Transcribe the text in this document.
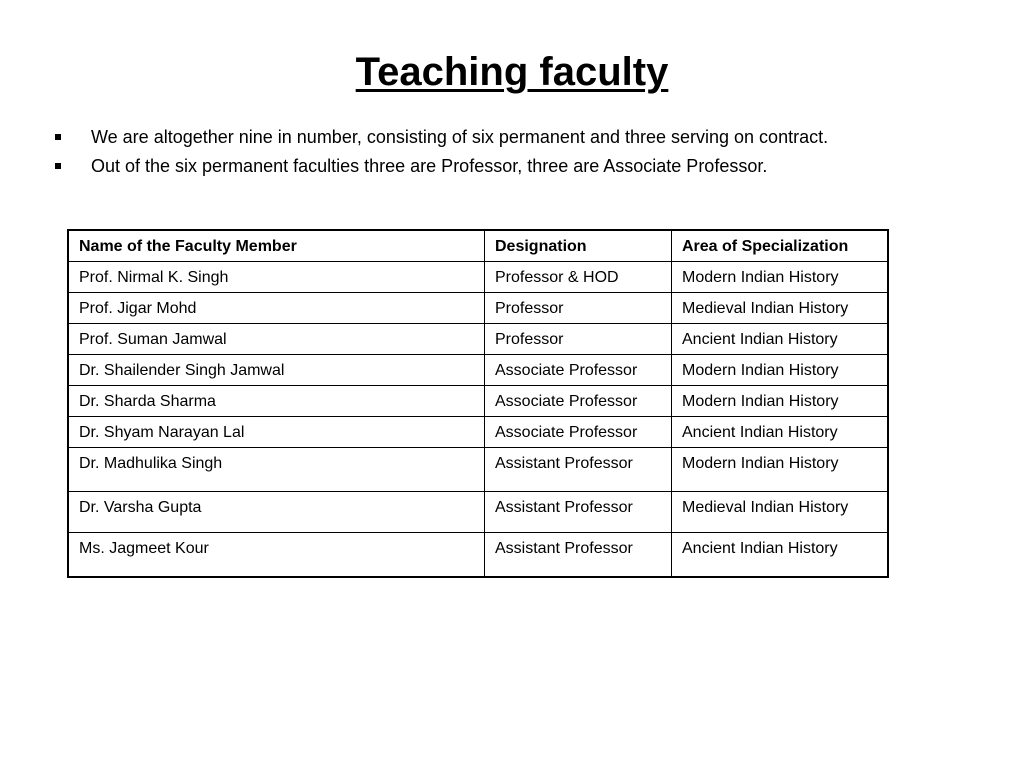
Teaching faculty
We are altogether nine in number, consisting of six permanent and three serving on contract.
Out of the six permanent faculties three are Professor, three are Associate Professor.
Name of the Faculty Member	Designation	Area of Specialization
Prof. Nirmal K. Singh	Professor & HOD	Modern Indian History
Prof. Jigar Mohd	Professor	Medieval Indian History
Prof. Suman Jamwal	Professor	Ancient Indian History
Dr. Shailender Singh Jamwal	Associate Professor	Modern Indian History
Dr. Sharda Sharma	Associate Professor	Modern Indian History
Dr. Shyam Narayan Lal	Associate Professor	Ancient Indian History
Dr. Madhulika Singh	Assistant Professor	Modern Indian History
Dr. Varsha Gupta	Assistant Professor	Medieval Indian History
Ms. Jagmeet Kour	Assistant Professor	Ancient Indian History
